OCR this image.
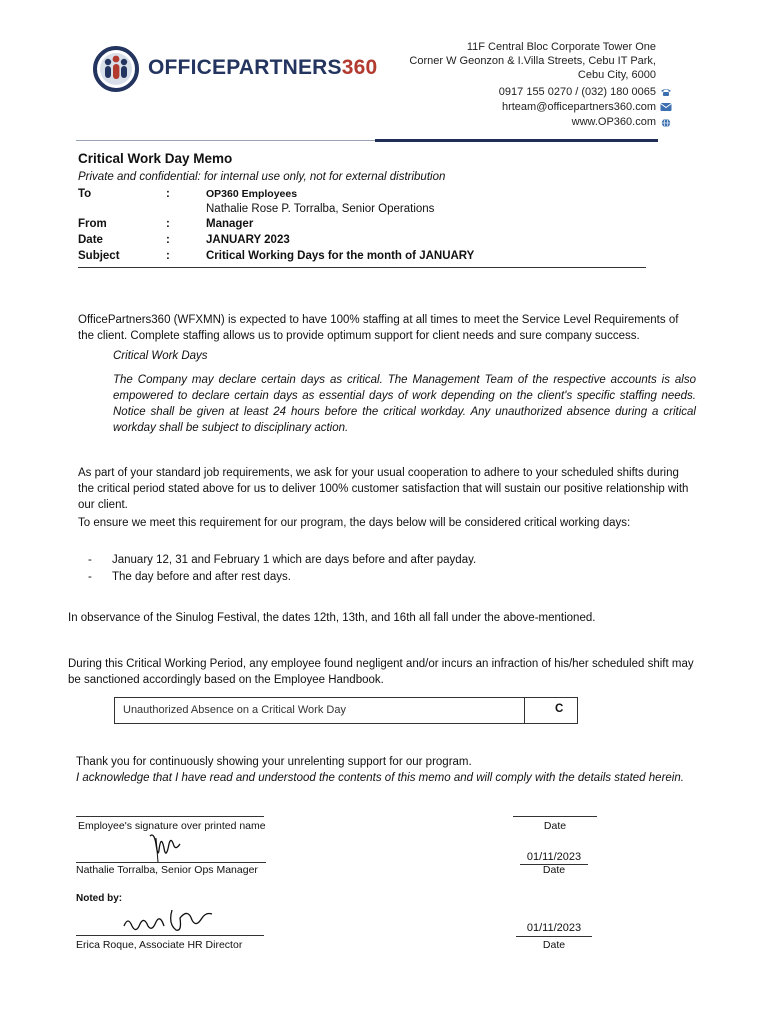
OFFICEPARTNERS360
11F Central Bloc Corporate Tower One
Corner W Geonzon & I.Villa Streets, Cebu IT Park,
Cebu City, 6000
0917 155 0270 / (032) 180 0065
hrteam@officepartners360.com
www.OP360.com
Critical Work Day Memo
Private and confidential: for internal use only, not for external distribution
To	:	OP360 Employees
Nathalie Rose P. Torralba, Senior Operations
From	:	Manager
Date	:	JANUARY 2023
Subject	:	Critical Working Days for the month of JANUARY
OfficePartners360 (WFXMN) is expected to have 100% staffing at all times to meet the Service Level Requirements of the client. Complete staffing allows us to provide optimum support for client needs and sure company success.
Critical Work Days
The Company may declare certain days as critical. The Management Team of the respective accounts is also empowered to declare certain days as essential days of work depending on the client's specific staffing needs. Notice shall be given at least 24 hours before the critical workday. Any unauthorized absence during a critical workday shall be subject to disciplinary action.
As part of your standard job requirements, we ask for your usual cooperation to adhere to your scheduled shifts during the critical period stated above for us to deliver 100% customer satisfaction that will sustain our positive relationship with our client.
To ensure we meet this requirement for our program, the days below will be considered critical working days:
- January 12, 31 and February 1 which are days before and after payday.
- The day before and after rest days.
In observance of the Sinulog Festival, the dates 12th, 13th, and 16th all fall under the above-mentioned.
During this Critical Working Period, any employee found negligent and/or incurs an infraction of his/her scheduled shift may be sanctioned accordingly based on the Employee Handbook.
Unauthorized Absence on a Critical Work Day	C
Thank you for continuously showing your unrelenting support for our program.
I acknowledge that I have read and understood the contents of this memo and will comply with the details stated herein.
Employee's signature over printed name	Date
Nathalie Torralba, Senior Ops Manager
01/11/2023
Date
Noted by:
Erica Roque, Associate HR Director
01/11/2023
Date
